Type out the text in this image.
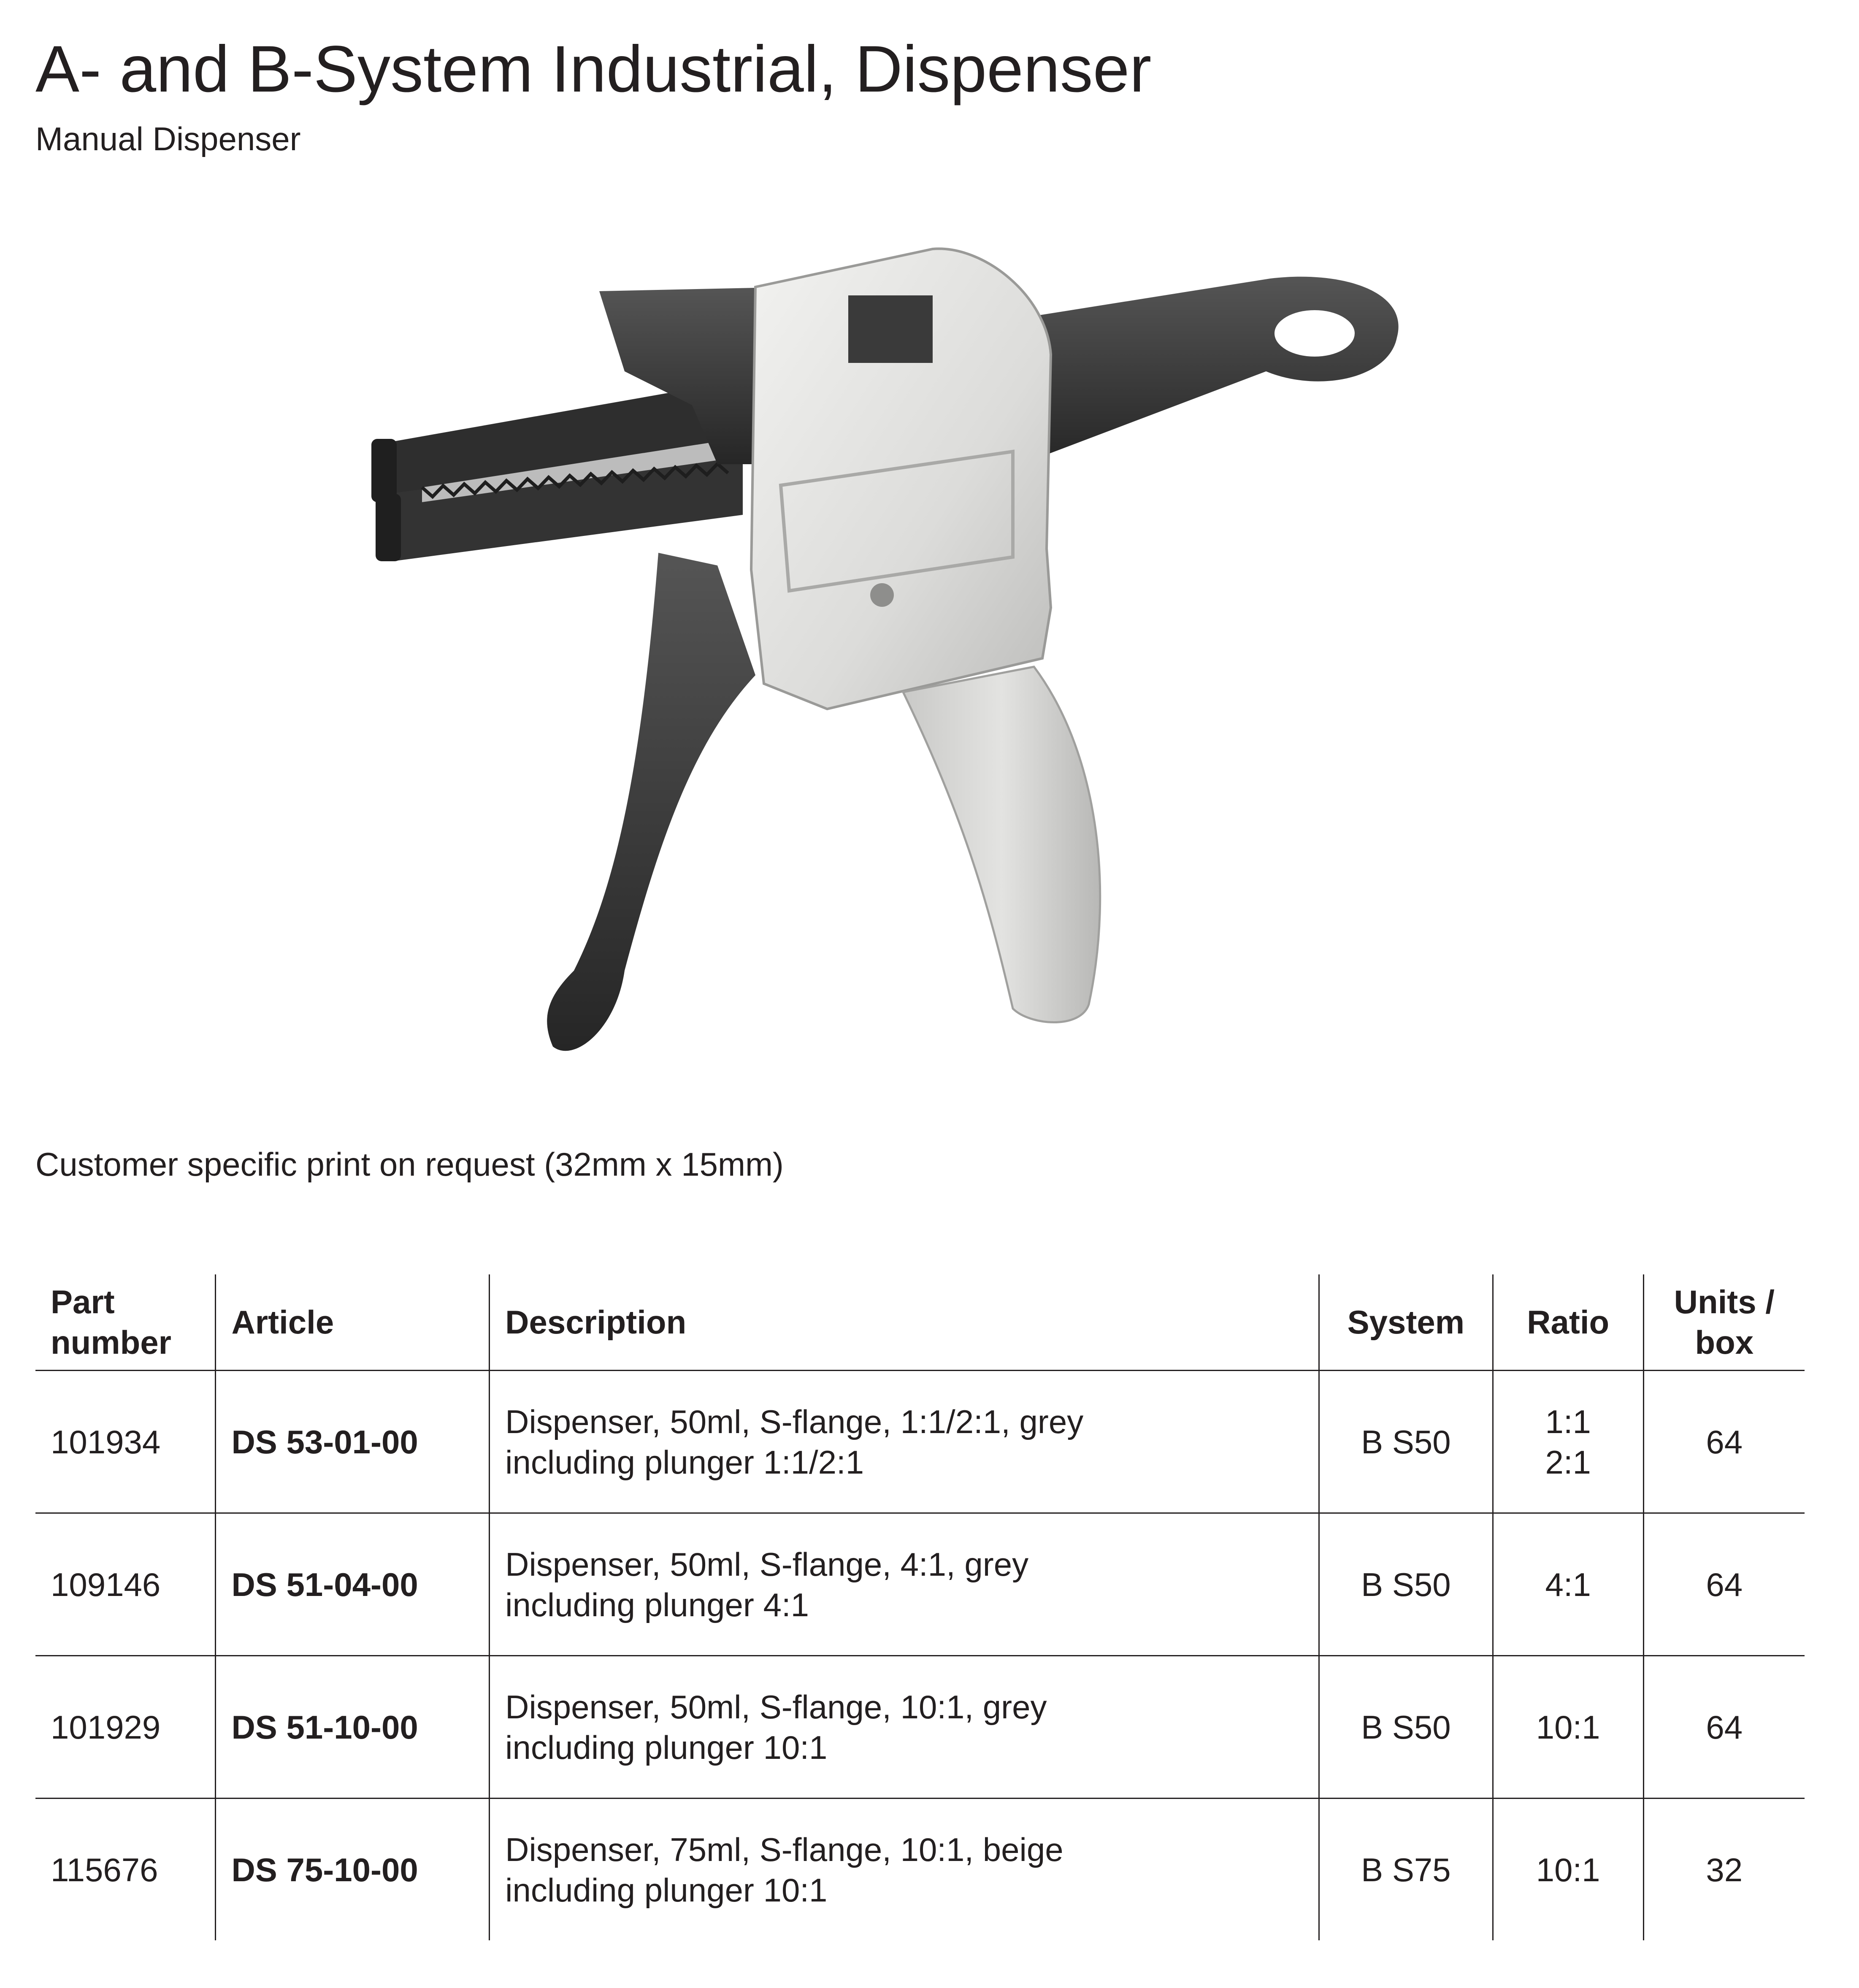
A- and B-System Industrial, Dispenser
Manual Dispenser
Customer specific print on request (32mm x 15mm)
Part
number	Article	Description	System	Ratio	Units /
box

101934	DS 53-01-00	Dispenser, 50ml, S-flange, 1:1/2:1, grey
including plunger 1:1/2:1	B S50	1:1
2:1	64
109146	DS 51-04-00	Dispenser, 50ml, S-flange, 4:1, grey
including plunger 4:1	B S50	4:1	64
101929	DS 51-10-00	Dispenser, 50ml, S-flange, 10:1, grey
including plunger 10:1	B S50	10:1	64
115676	DS 75-10-00	Dispenser, 75ml, S-flange, 10:1, beige
including plunger 10:1	B S75	10:1	32
